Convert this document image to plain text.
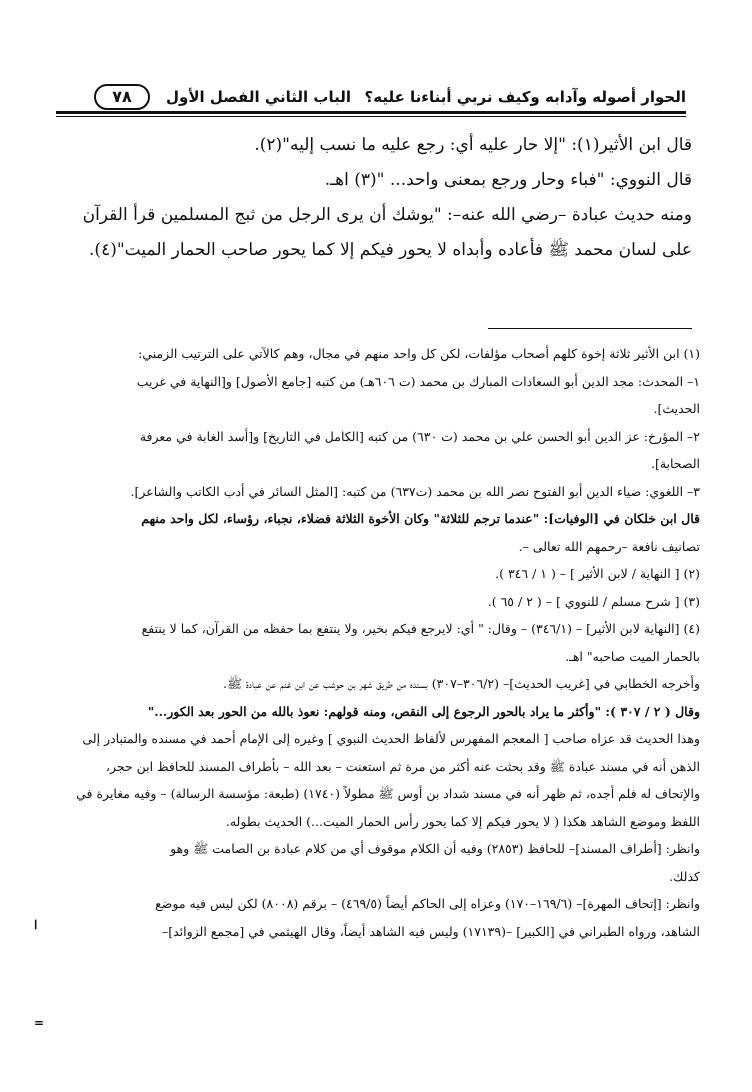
الحوار أصوله وآدابه وكيف نربي أبناءنا عليه؟
الباب الثاني الفصل الأول
٧٨

قال ابن الأثير(١): "إلا حار عليه أي: رجع عليه ما نسب إليه"(٢).

قال النووي: "فباء وحار ورجع بمعنى واحد... "(٣) اهـ.

ومنه حديث عبادة –رضي الله عنه–: "يوشك أن يرى الرجل من ثبج المسلمين قرأ القرآن

على لسان محمد ﷺ فأعاده وأبداه لا يحور فيكم إلا كما يحور صاحب الحمار الميت"(٤).

(١) ابن الأثير ثلاثة إخوة كلهم أصحاب مؤلفات، لكن كل واحد منهم في مجال، وهم كالآتي على الترتيب الزمني:

١– المحدث: مجد الدين أبو السعادات المبارك بن محمد (ت ٦٠٦هـ) من كتبه [جامع الأصول] و[النهاية في غريب

الحديث].

٢– المؤرخ: عز الدين أبو الحسن علي بن محمد (ت ٦٣٠) من كتبه [الكامل في التاريخ] و[أسد الغابة في معرفة

الصحابة].

٣– اللغوي: ضياء الدين أبو الفتوح نصر الله بن محمد (ت٦٣٧) من كتبه: [المثل السائر في أدب الكاتب والشاعر].

قال ابن خلكان في [الوفيات]: "عندما ترجم للثلاثة" وكان الأخوة الثلاثة فضلاء، نجباء، رؤساء، لكل واحد منهم

تصانيف نافعة –رحمهم الله تعالى –.

(٢) [ النهاية / لابن الأثير ] – ( ١ / ٣٤٦ ).

(٣) [ شرح مسلم / للنووي ] – ( ٢ / ٦٥ ).

(٤) [النهاية لابن الأثير] – (٣٤٦/١) – وقال: " أي: لايرجع فيكم بخير، ولا ينتفع بما حفظه من القرآن، كما لا ينتفع

بالحمار الميت صاحبه" اهـ.

وأخرجه الخطابي في [غريب الحديث]– (٣٠٦/٢–٣٠٧) بسنده من طريق شهر بن حوشب عن ابن غنم عن عبادة ﷺ.

وقال ( ٢ / ٣٠٧ ): "وأكثر ما يراد بالحور الرجوع إلى النقص، ومنه قولهم: نعوذ بالله من الحور بعد الكور..."

وهذا الحديث قد عزاه صاحب [ المعجم المفهرس لألفاظ الحديث النبوي ] وغيره إلى الإمام أحمد في مسنده والمتبادر إلى

الذهن أنه في مسند عبادة ﷺ وقد بحثت عنه أكثر من مرة ثم استعنت – بعد الله – بأطراف المسند للحافظ ابن حجر،

والإتحاف له فلم أجده، ثم ظهر أنه في مسند شداد بن أوس ﷺ مطولاً (١٧٤٠) (طبعة: مؤسسة الرسالة) – وفيه مغايرة في

اللفظ وموضع الشاهد هكذا ( لا يحور فيكم إلا كما يحور رأس الحمار الميت...) الحديث بطوله.

وانظر: [أطراف المسند]– للحافظ (٢٨٥٣) وفيه أن الكلام موقوف أي من كلام عبادة بن الصامت ﷺ وهو

كذلك.

وانظر: [إتحاف المهرة]– (١٦٩/٦–١٧٠) وعزاه إلى الحاكم أيضاً (٤٦٩/٥) – برقم (٨٠٠٨) لكن ليس فيه موضع

الشاهد، ورواه الطبراني في [الكبير] –(١٧١٣٩) وليس فيه الشاهد أيضاً، وقال الهيثمي في [مجمع الزوائد]–

=
ا
